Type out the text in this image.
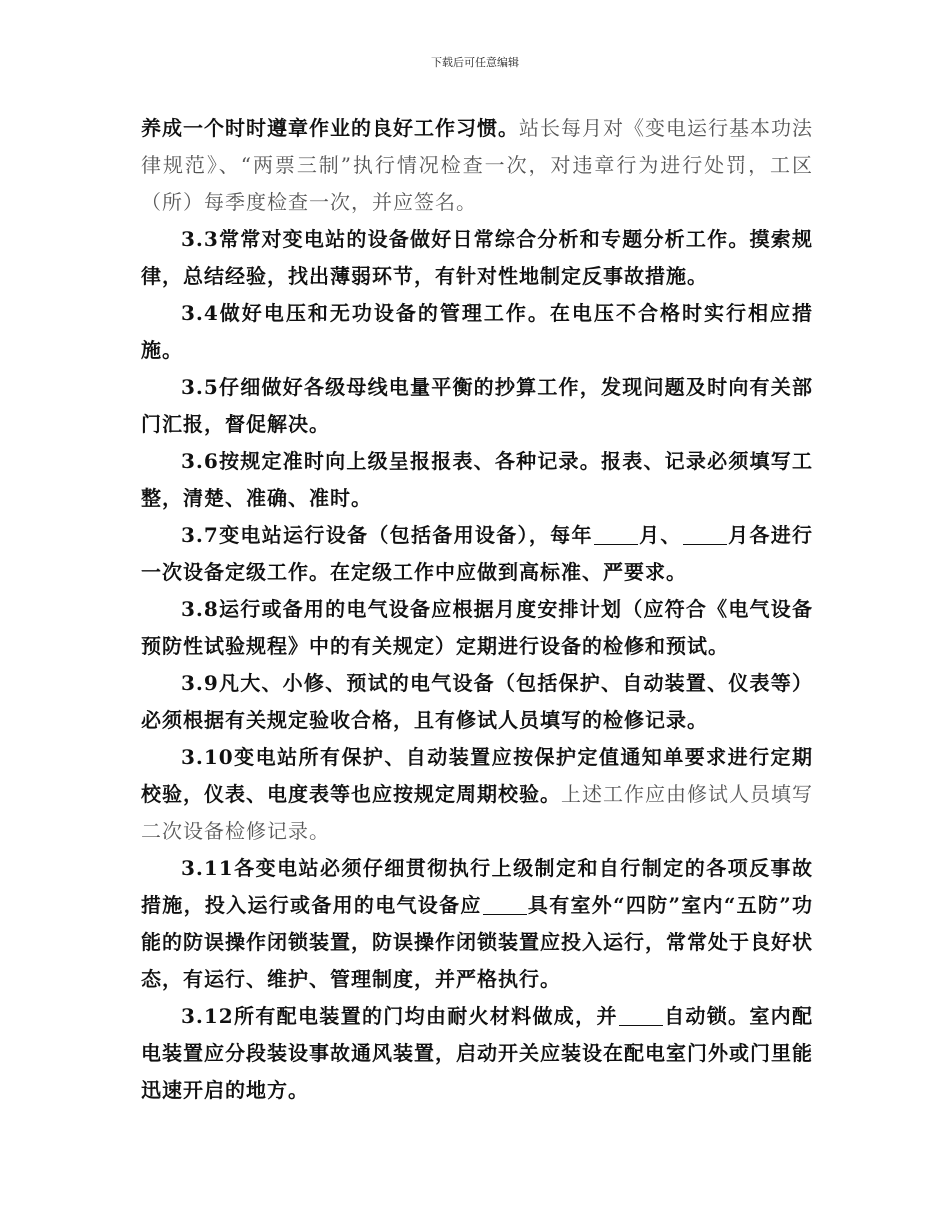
下载后可任意编辑

养成一个时时遵章作业的良好工作习惯。站长每月对《变电运行基本功法律规范》、“两票三制”执行情况检查一次，对违章行为进行处罚，工区（所）每季度检查一次，并应签名。

3.3常常对变电站的设备做好日常综合分析和专题分析工作。摸索规律，总结经验，找出薄弱环节，有针对性地制定反事故措施。

3.4做好电压和无功设备的管理工作。在电压不合格时实行相应措施。

3.5仔细做好各级母线电量平衡的抄算工作，发现问题及时向有关部门汇报，督促解决。

3.6按规定准时向上级呈报报表、各种记录。报表、记录必须填写工整，清楚、准确、准时。

3.7变电站运行设备（包括备用设备），每年 月、 月各进行一次设备定级工作。在定级工作中应做到高标准、严要求。

3.8运行或备用的电气设备应根据月度安排计划（应符合《电气设备预防性试验规程》中的有关规定）定期进行设备的检修和预试。

3.9凡大、小修、预试的电气设备（包括保护、自动装置、仪表等）必须根据有关规定验收合格，且有修试人员填写的检修记录。

3.10变电站所有保护、自动装置应按保护定值通知单要求进行定期校验，仪表、电度表等也应按规定周期校验。上述工作应由修试人员填写二次设备检修记录。

3.11各变电站必须仔细贯彻执行上级制定和自行制定的各项反事故措施，投入运行或备用的电气设备应 具有室外“四防”室内“五防”功能的防误操作闭锁装置，防误操作闭锁装置应投入运行，常常处于良好状态，有运行、维护、管理制度，并严格执行。

3.12所有配电装置的门均由耐火材料做成，并 自动锁。室内配电装置应分段装设事故通风装置，启动开关应装设在配电室门外或门里能迅速开启的地方。
